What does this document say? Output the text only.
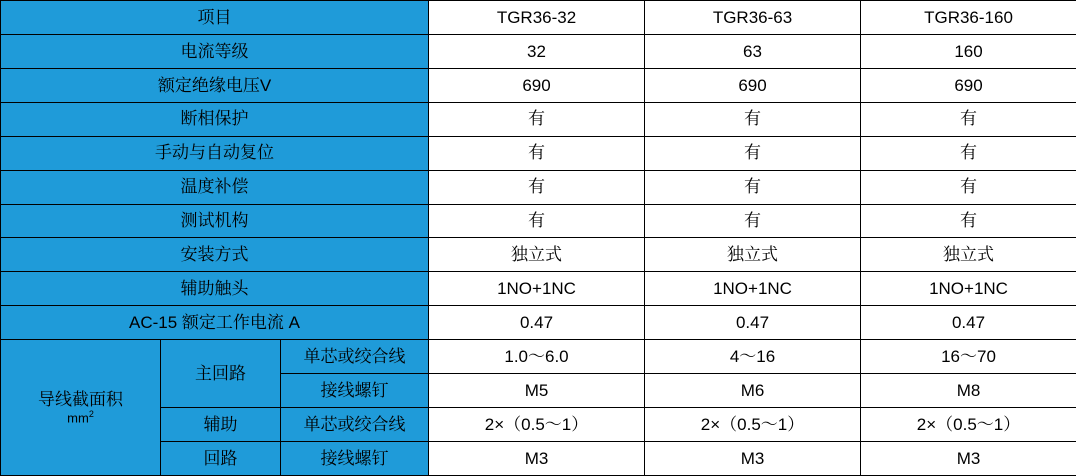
项目			TGR36-32	TGR36-63	TGR36-160
电流等级			32	63	160
额定绝缘电压V			690	690	690
断相保护			有	有	有
手动与自动复位			有	有	有
温度补偿			有	有	有
测试机构			有	有	有
安装方式			独立式	独立式	独立式
辅助触头			1NO+1NC	1NO+1NC	1NO+1NC
AC-15 额定工作电流 A			0.47	0.47	0.47
导线截面积
$mm^2$	主回路	单芯或绞合线	1.0～6.0	4～16	16～70
		接线螺钉	M5	M6	M8
	辅助	单芯或绞合线	2×（0.5～1）	2×（0.5～1）	2×（0.5～1）
	回路	接线螺钉	M3	M3	M3
